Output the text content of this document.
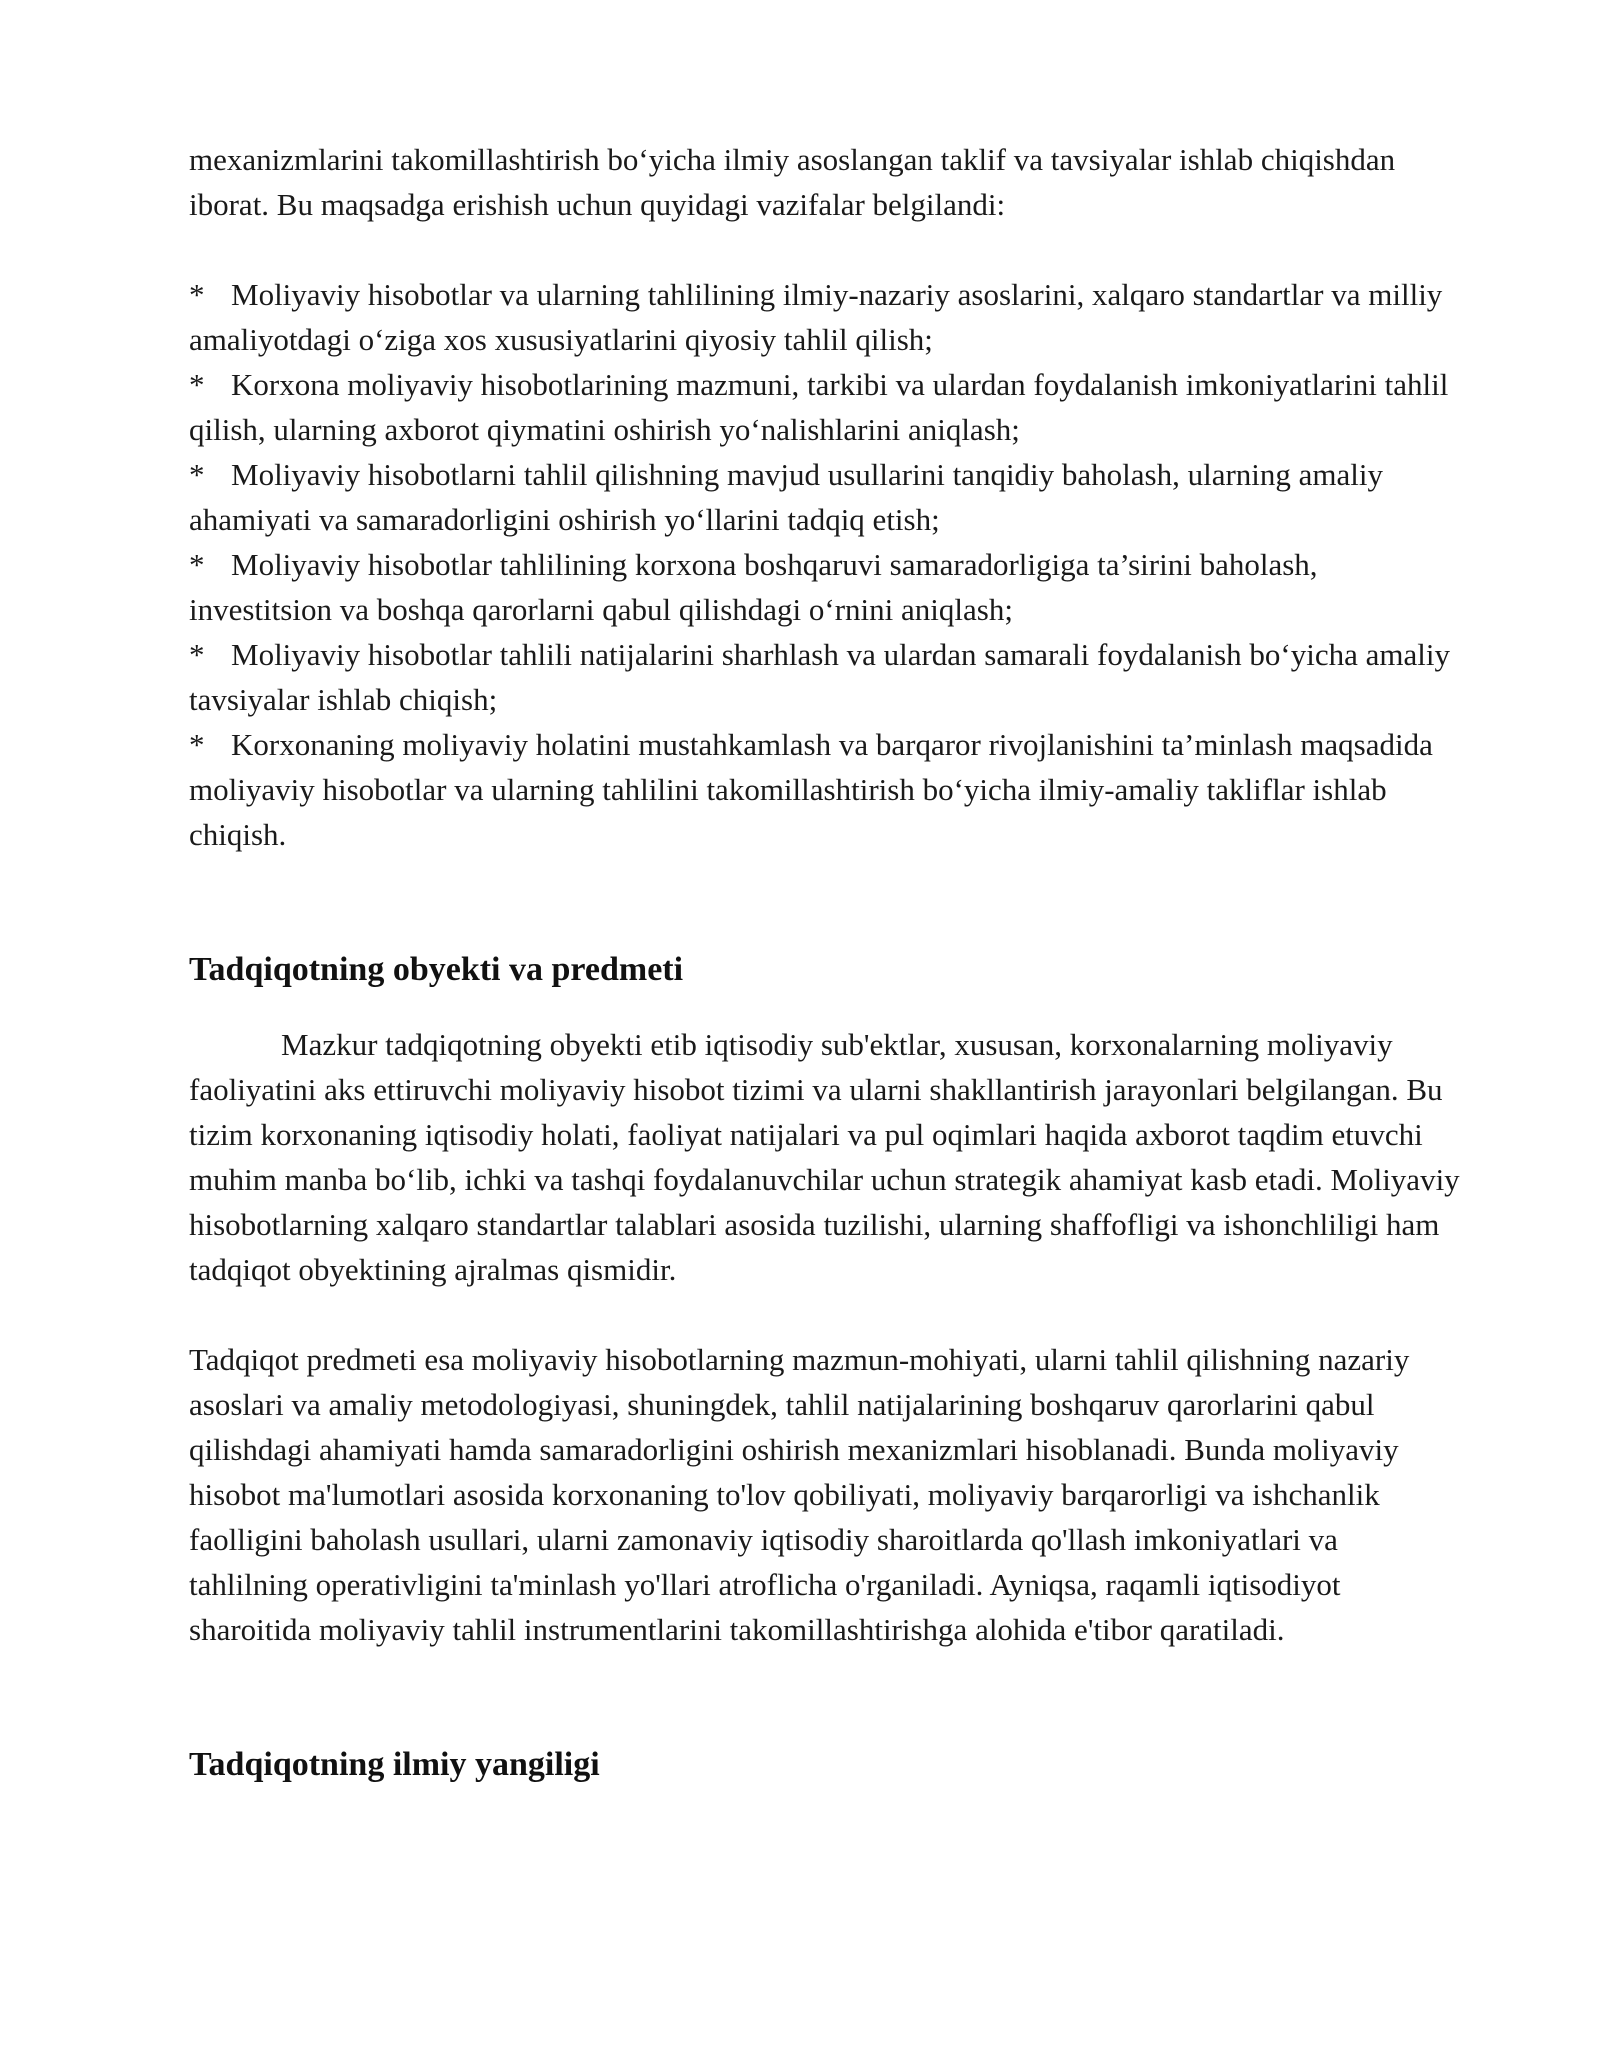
mexanizmlarini takomillashtirish bo‘yicha ilmiy asoslangan taklif va tavsiyalar ishlab chiqishdan iborat. Bu maqsadga erishish uchun quyidagi vazifalar belgilandi:

* Moliyaviy hisobotlar va ularning tahlilining ilmiy-nazariy asoslarini, xalqaro standartlar va milliy amaliyotdagi o‘ziga xos xususiyatlarini qiyosiy tahlil qilish;

* Korxona moliyaviy hisobotlarining mazmuni, tarkibi va ulardan foydalanish imkoniyatlarini tahlil qilish, ularning axborot qiymatini oshirish yo‘nalishlarini aniqlash;

* Moliyaviy hisobotlarni tahlil qilishning mavjud usullarini tanqidiy baholash, ularning amaliy ahamiyati va samaradorligini oshirish yo‘llarini tadqiq etish;

* Moliyaviy hisobotlar tahlilining korxona boshqaruvi samaradorligiga ta’sirini baholash, investitsion va boshqa qarorlarni qabul qilishdagi o‘rnini aniqlash;

* Moliyaviy hisobotlar tahlili natijalarini sharhlash va ulardan samarali foydalanish bo‘yicha amaliy tavsiyalar ishlab chiqish;

* Korxonaning moliyaviy holatini mustahkamlash va barqaror rivojlanishini ta’minlash maqsadida moliyaviy hisobotlar va ularning tahlilini takomillashtirish bo‘yicha ilmiy-amaliy takliflar ishlab chiqish.

Tadqiqotning obyekti va predmeti

Mazkur tadqiqotning obyekti etib iqtisodiy sub'ektlar, xususan, korxonalarning moliyaviy faoliyatini aks ettiruvchi moliyaviy hisobot tizimi va ularni shakllantirish jarayonlari belgilangan. Bu tizim korxonaning iqtisodiy holati, faoliyat natijalari va pul oqimlari haqida axborot taqdim etuvchi muhim manba bo‘lib, ichki va tashqi foydalanuvchilar uchun strategik ahamiyat kasb etadi. Moliyaviy hisobotlarning xalqaro standartlar talablari asosida tuzilishi, ularning shaffofligi va ishonchliligi ham tadqiqot obyektining ajralmas qismidir.

Tadqiqot predmeti esa moliyaviy hisobotlarning mazmun-mohiyati, ularni tahlil qilishning nazariy asoslari va amaliy metodologiyasi, shuningdek, tahlil natijalarining boshqaruv qarorlarini qabul qilishdagi ahamiyati hamda samaradorligini oshirish mexanizmlari hisoblanadi. Bunda moliyaviy hisobot ma'lumotlari asosida korxonaning to'lov qobiliyati, moliyaviy barqarorligi va ishchanlik faolligini baholash usullari, ularni zamonaviy iqtisodiy sharoitlarda qo'llash imkoniyatlari va tahlilning operativligini ta'minlash yo'llari atroflicha o'rganiladi. Ayniqsa, raqamli iqtisodiyot sharoitida moliyaviy tahlil instrumentlarini takomillashtirishga alohida e'tibor qaratiladi.

Tadqiqotning ilmiy yangiligi
